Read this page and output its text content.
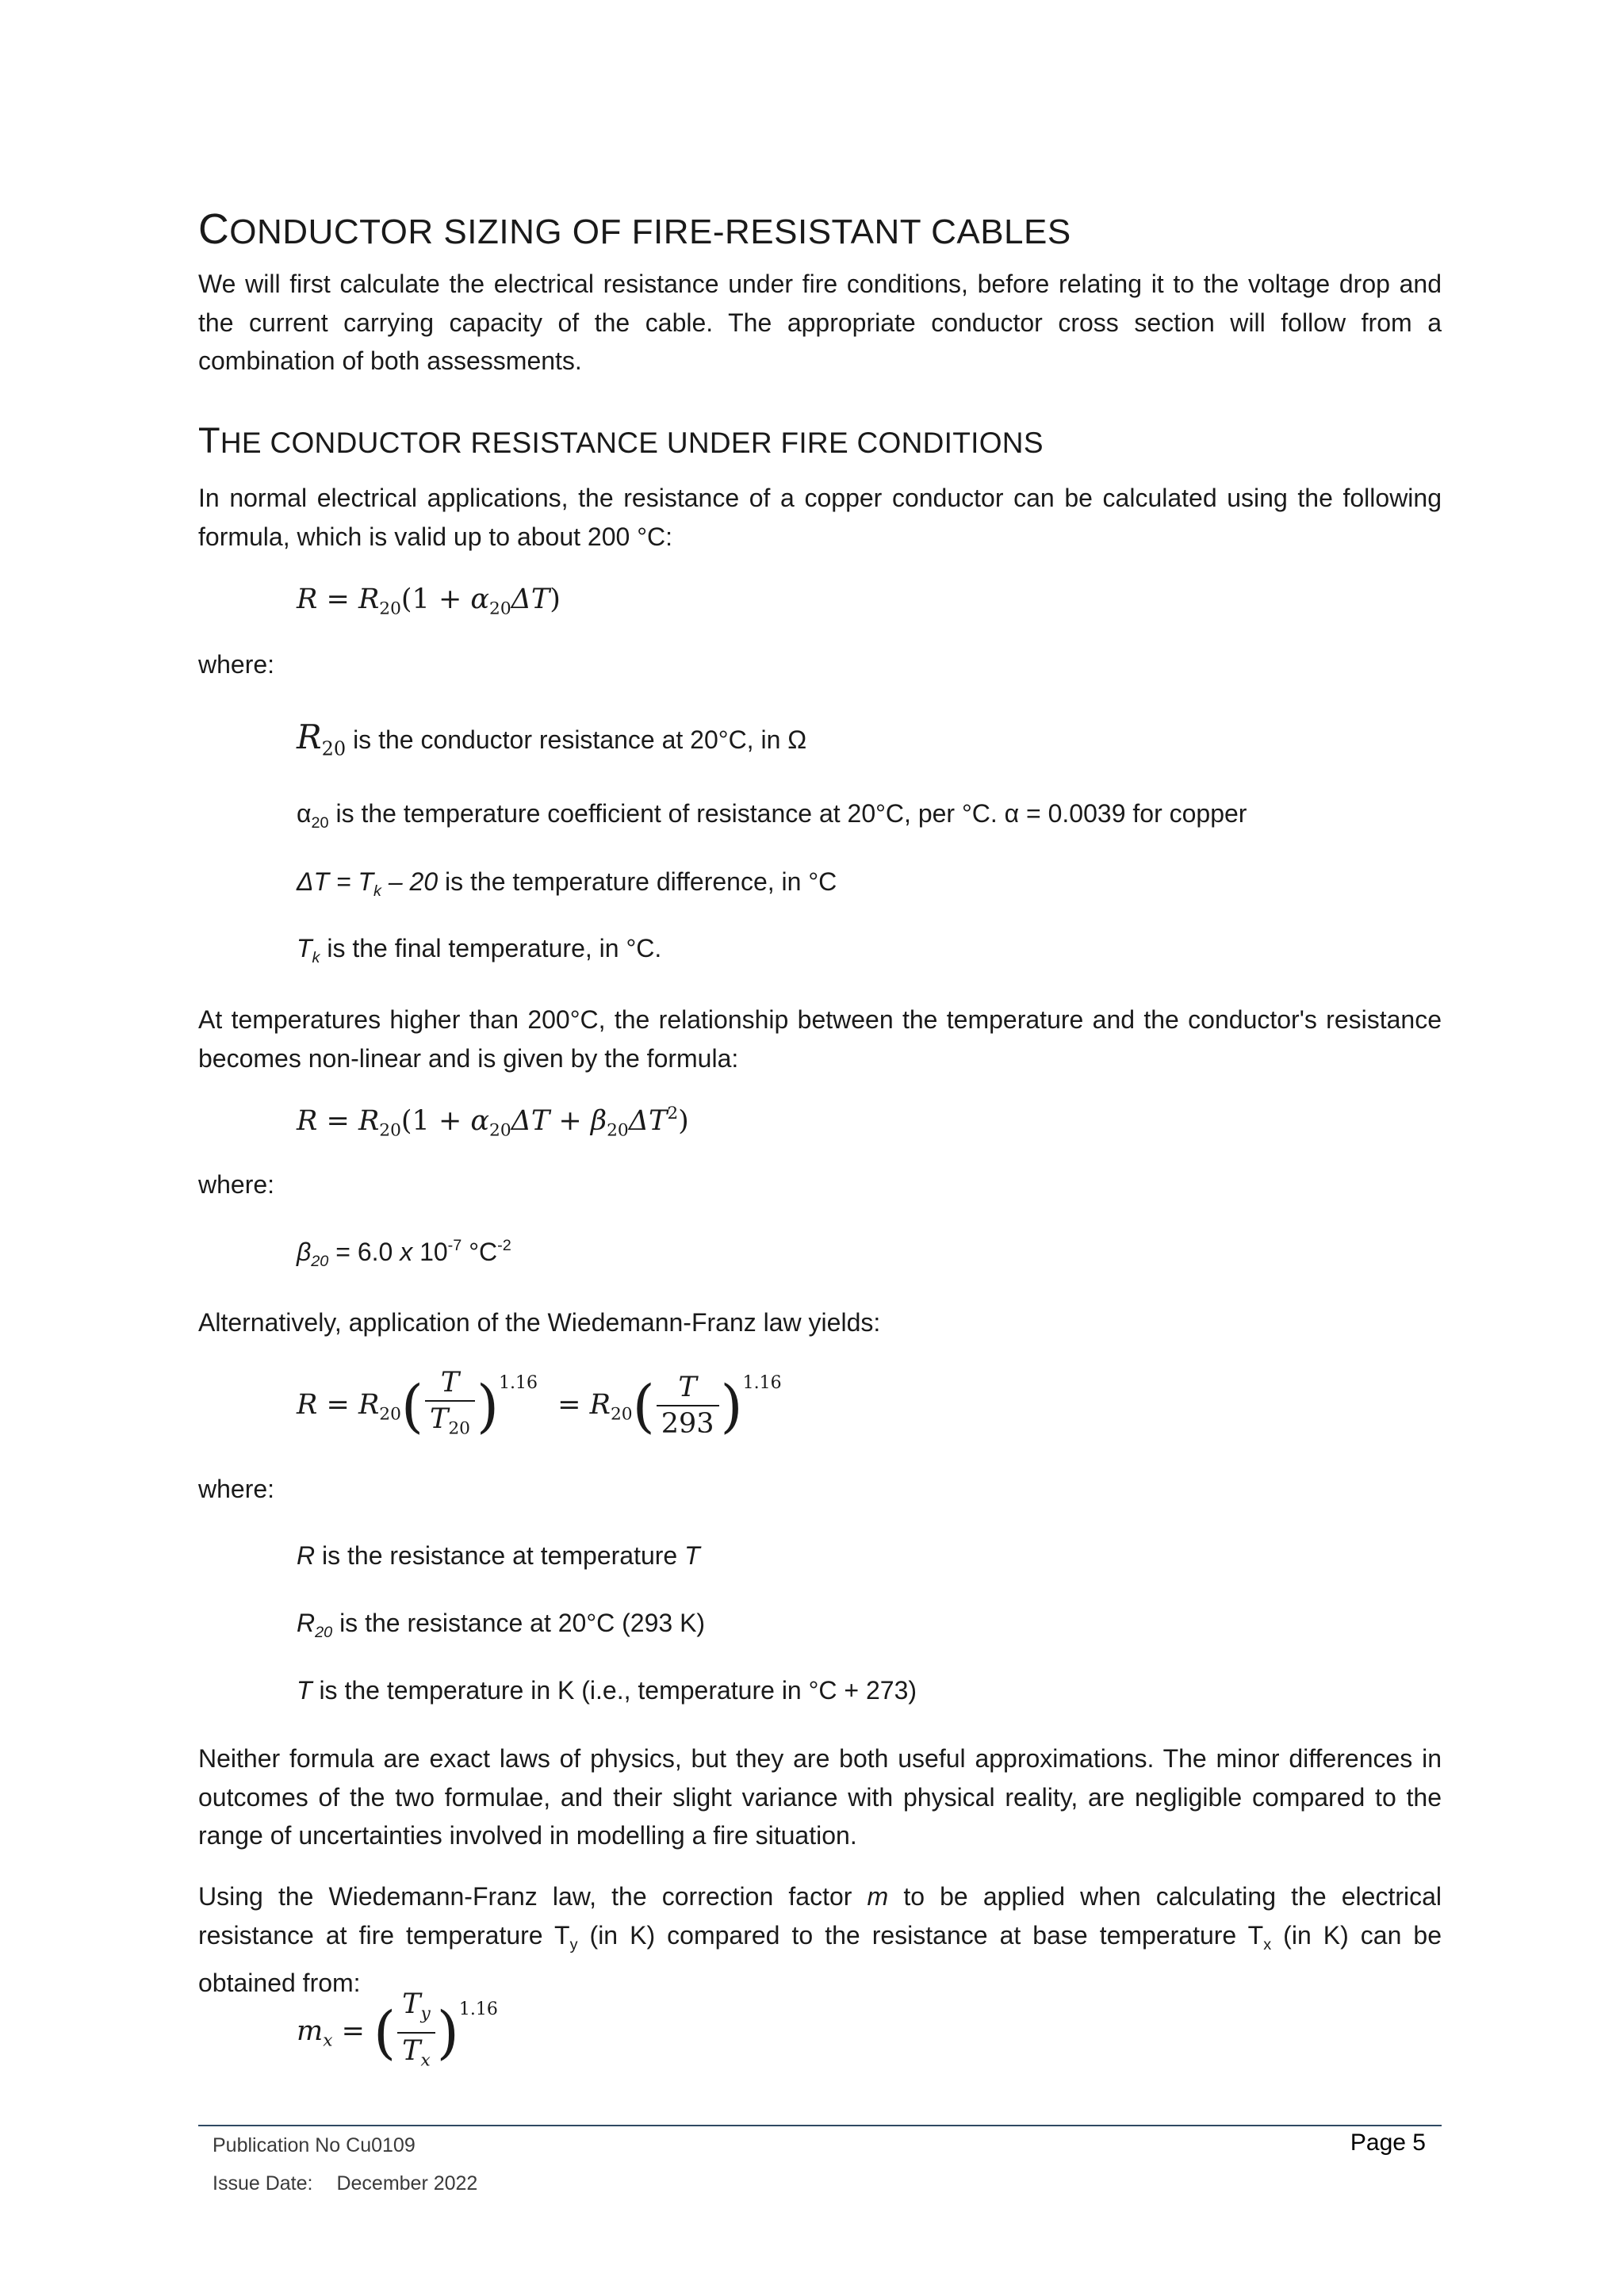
CONDUCTOR SIZING OF FIRE-RESISTANT CABLES
We will first calculate the electrical resistance under fire conditions, before relating it to the voltage drop and the current carrying capacity of the cable. The appropriate conductor cross section will follow from a combination of both assessments.
THE CONDUCTOR RESISTANCE UNDER FIRE CONDITIONS
In normal electrical applications, the resistance of a copper conductor can be calculated using the following formula, which is valid up to about 200 °C:
$R = R_{20}(1 + \alpha_{20}\Delta T)$
where:
$R_{20}$ is the conductor resistance at 20°C, in Ω
$\alpha_{20}$ is the temperature coefficient of resistance at 20°C, per °C. α = 0.0039 for copper
$\Delta T = T_k - 20$ is the temperature difference, in °C
$T_k$ is the final temperature, in °C.
At temperatures higher than 200°C, the relationship between the temperature and the conductor's resistance becomes non-linear and is given by the formula:
$R = R_{20}(1 + \alpha_{20}\Delta T + \beta_{20}\Delta T^2)$
where:
$\beta_{20} = 6.0$ x $10^{-7}$ $^\circ C^{-2}$
Alternatively, application of the Wiedemann-Franz law yields:
$R = R_{20}( \frac{T}{T_{20}} )^{1.16} = R_{20}( \frac{T}{293} )^{1.16}$
where:
R is the resistance at temperature T
$R_{20}$ is the resistance at 20°C (293 K)
T is the temperature in K (i.e., temperature in °C + 273)
Neither formula are exact laws of physics, but they are both useful approximations. The minor differences in outcomes of the two formulae, and their slight variance with physical reality, are negligible compared to the range of uncertainties involved in modelling a fire situation.
Using the Wiedemann-Franz law, the correction factor m to be applied when calculating the electrical resistance at fire temperature $T_y$ (in K) compared to the resistance at base temperature $T_x$ (in K) can be obtained from:
$m_x$ = ( $\frac{T_y}{T_x} )^{1.16}$
Publication No Cu0109
Issue Date: December 2022
Page 5
